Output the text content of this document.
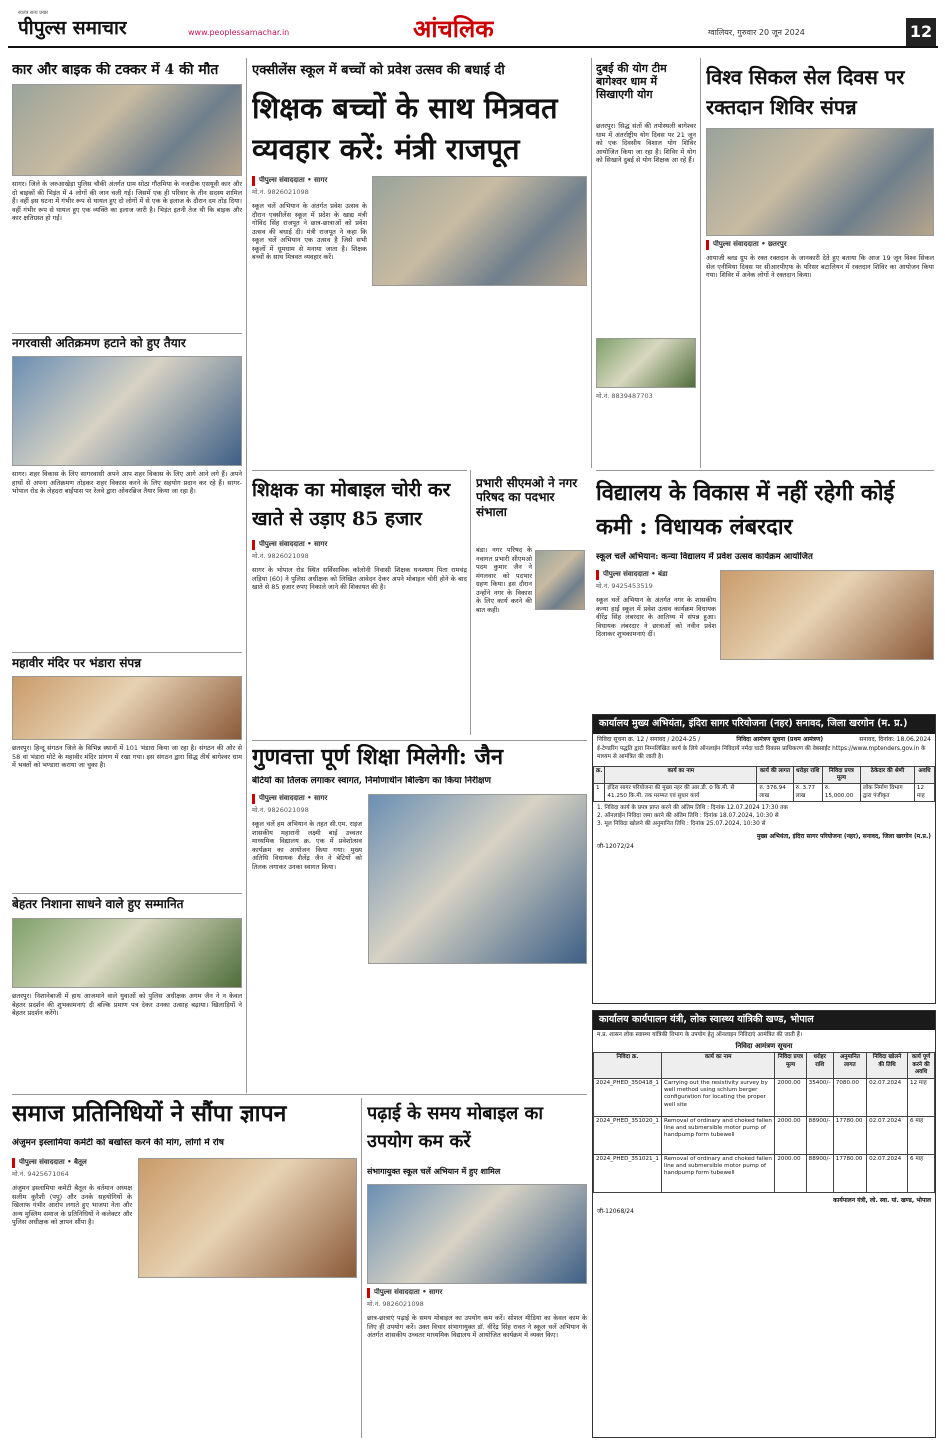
स्वतंत्र सत्य प्रखर
पीपुल्स समाचार	www.peoplessamachar.in	आंचलिक	ग्वालियर, गुरुवार 20 जून 2024	12
कार और बाइक की टक्कर में 4 की मौत
सागर। जिले के जरुआखेड़ा पुलिस चौकी अंतर्गत ग्राम सोठा गौतमिया के नजदीक एसयूवी कार और दो बाइकों की भिड़ंत में 4 लोगों की जान चली गई। जिसमें एक ही परिवार के तीन सदस्य शामिल हैं। वहीं इस घटना में गंभीर रूप से घायल हुए दो लोगों में से एक के इलाज के दौरान दम तोड़ दिया। वहीं गंभीर रूप से घायल हुए एक व्यक्ति का इलाज जारी है। भिड़ंत इतनी तेज थी कि बाइक और कार क्षतिग्रस्त हो गईं।
नगरवासी अतिक्रमण हटाने को हुए तैयार
सागर। शहर विकास के लिए सागरवासी अपने आप शहर विकास के लिए आगे आने लगे हैं। अपने हाथों से अपना अतिक्रमण तोड़कर शहर विकास करने के लिए सहयोग प्रदान कर रहे हैं। सागर-भोपाल रोड के लेहदरा बाईपास पर रेलवे द्वारा ओवरब्रिज तैयार किया जा रहा है।
महावीर मंदिर पर भंडारा संपन्न
छतरपुर। हिन्दू संगठन जिले के विभिन्न स्थानों में 101 भंडारा किया जा रहा है। संगठन की ओर से 58 वां भंडारा मोटे के महावीर मंदिर प्रांगण में रखा गया। इस संगठन द्वारा सिद्ध तीर्थ बागेश्वर धाम में भक्तों को भण्डारा कराया जा चुका है।
बेहतर निशाना साधने वाले हुए सम्मानित
छतरपुर। निशानेबाजी में हाथ आजमाने वाले युवाओं को पुलिस अधीक्षक अगम जैन ने न केवल बेहतर प्रदर्शन की शुभकामनाएं दी बल्कि प्रमाण पत्र देकर उनका उत्साह बढ़ाया। खिलाड़ियों ने बेहतर प्रदर्शन करेंगे।
एक्सीलेंस स्कूल में बच्चों को प्रवेश उत्सव की बधाई दी
शिक्षक बच्चों के साथ मित्रवत व्यवहार करें: मंत्री राजपूत
पीपुल्स संवाददाता • सागर
मो.नं. 9826021098
स्कूल चलें अभियान के अंतर्गत प्रवेश उत्सव के दौरान एक्सीलेंस स्कूल में प्रदेश के खाद्य मंत्री गोविंद सिंह राजपूत ने छात्र-छात्राओं को प्रवेश उत्सव की बधाई दी। मंत्री राजपूत ने कहा कि स्कूल चलें अभियान एक उत्सव है जिसे सभी स्कूलों में धूमधाम से मनाया जाता है। शिक्षक बच्चों के साथ मित्रवत व्यवहार करें।
शिक्षक का मोबाइल चोरी कर खाते से उड़ाए 85 हजार
पीपुल्स संवाददाता • सागर
मो.नं. 9826021098
सागर के भोपाल रोड स्थित सर्विसाविक कॉलोनी निवासी शिक्षक घनश्याम पिता रामचंद्र लड़िया (60) ने पुलिस अधीक्षक को लिखित आवेदन देकर अपने मोबाइल चोरी होने के बाद खाते से 85 हजार रुपए निकाले जाने की शिकायत की है।
प्रभारी सीएमओ ने नगर परिषद का पदभार संभाला
बंडा। नगर परिषद के नवागत प्रभारी सीएमओ पदम कुमार जैन ने मंगलवार को पदभार ग्रहण किया। इस दौरान उन्होंने नगर के विकास के लिए कार्य करने की बात कही।
गुणवत्ता पूर्ण शिक्षा मिलेगी: जैन
बेटियों का तिलक लगाकर स्वागत, निर्माणाधीन बिल्डिंग का किया निरीक्षण
पीपुल्स संवाददाता • सागर
मो.नं. 9826021098
स्कूल चलें हम अभियान के तहत सी.एम. राइज शासकीय महारानी लक्ष्मी बाई उच्चतर माध्यमिक विद्यालय क्र. एक में प्रवेशोत्सव कार्यक्रम का आयोजन किया गया। मुख्य अतिथि विधायक शैलेंद्र जैन ने बेटियों को तिलक लगाकर उनका स्वागत किया।
समाज प्रतिनिधियों ने सौंपा ज्ञापन
अंजुमन इस्लामिया कमेटी को बर्खास्त करने की मांग, लोगों में रोष
पीपुल्स संवाददाता • बैतूल
मो.नं. 9425671064
अंजुमन इस्लामिया कमेटी बैतूल के वर्तमान अध्यक्ष सलीम कुरैशी (पपू) और उनके सहयोगियों के खिलाफ गंभीर आरोप लगाते हुए भाजपा नेता और अन्य मुस्लिम समाज के प्रतिनिधियों ने कलेक्टर और पुलिस अधीक्षक को ज्ञापन सौंपा है।
पढ़ाई के समय मोबाइल का उपयोग कम करें
संभागायुक्त स्कूल चलें अभियान में हुए शामिल
पीपुल्स संवाददाता • सागर
मो.नं. 9826021098
छात्र-छात्राएं पढ़ाई के समय मोबाइल का उपयोग कम करें। सोशल मीडिया का केवल काम के लिए ही उपयोग करें। उक्त विचार संभागायुक्त डॉ. वीरेंद्र सिंह रावत ने स्कूल चलें अभियान के अंतर्गत शासकीय उच्चतर माध्यमिक विद्यालय में आयोजित कार्यक्रम में व्यक्त किए।
दुबई की योग टीम बागेश्वर धाम में सिखाएगी योग
छतरपुर। सिद्ध संतों की तपोस्थली बागेश्वर धाम में अंतर्राष्ट्रीय योग दिवस पर 21 जून को एक दिवसीय विशाल योग शिविर आयोजित किया जा रहा है। शिविर में योग को सिखाने दुबई से योग शिक्षक आ रहे हैं।
मो.नं. 8839487703
विश्व सिकल सेल दिवस पर रक्तदान शिविर संपन्न
पीपुल्स संवाददाता • छतरपुर
आयाजी ब्लड ग्रुप के रक्त रक्तदान के जानकारी देते हुए बताया कि आज 19 जून विश्व सिकल सेल एनीमिया दिवस पर सीआरपीएफ के परिसर बटालियन में रक्तदान शिविर का आयोजन किया गया। शिविर में अनेक लोगों ने रक्तदान किया।
विद्यालय के विकास में नहीं रहेगी कोई कमी : विधायक लंबरदार
स्कूल चलें अभियान: कन्या विद्यालय में प्रवेश उत्सव कार्यक्रम आयोजित
पीपुल्स संवाददाता • बंडा
मो.नं. 9425453519
स्कूल चलें अभियान के अंतर्गत नगर के शासकीय कन्या हाई स्कूल में प्रवेश उत्सव कार्यक्रम विधायक वीरेंद्र सिंह लंबरदार के आतिथ्य में संपन्न हुआ। विधायक लंबरदार ने छात्राओं को नवीन प्रवेश दिलाकर शुभकामनाएं दीं।
कार्यालय मुख्य अभियंता, इंदिरा सागर परियोजना (नहर) सनावद, जिला खरगोन (म. प्र.)
निविदा सूचना क्र. 12 / सनावद / 2024-25 /	निविदा आमंत्रण सूचना (प्रथम आमंत्रण)	सनावद, दिनांक: 18.06.2024
ई-टेण्डरिंग पद्धति द्वारा निम्नलिखित कार्य के लिये ऑनलाईन निविदायें नर्मदा घाटी विकास प्राधिकरण की वेबसाईट https://www.mptenders.gov.in के माध्यम से आमंत्रित की जाती है।
क्र.	कार्य का नाम	कार्य की लागत	धरोहर राशि	निविदा प्रपत्र मूल्य	ठेकेदार की श्रेणी	अवधि
1	इंदिरा सागर परियोजना की मुख्य नहर की आर.डी. 0 कि.मी. से 41.250 कि.मी. तक मरम्मत एवं सुधार कार्य	रु. 376.94 लाख	रु. 3.77 लाख	रु. 15,000.00	लोक निर्माण विभाग द्वारा पंजीकृत	12 माह
1. निविदा कार्य के प्रपत्र प्राप्त करने की अंतिम तिथि : दिनांक 12.07.2024 17:30 तक
2. ऑनलाईन निविदा जमा करने की अंतिम तिथि : दिनांक 18.07.2024, 10:30 से
3. मूल निविदा खोलने की अनुमानित तिथि : दिनांक 25.07.2024, 10:30 से
मुख्य अभियंता, इंदिरा सागर परियोजना (नहर), सनावद, जिला खरगोन (म.प्र.)
जी-12072/24
कार्यालय कार्यपालन यंत्री, लोक स्वास्थ्य यांत्रिकी खण्ड, भोपाल
म.प्र. शासन लोक स्वास्थ्य यांत्रिकी विभाग के उपयोग हेतु ऑनलाइन निविदाएं आमंत्रित की जाती हैं।
निविदा आमंत्रण सूचना
निविदा क्र.	कार्य का नाम	निविदा प्रपत्र मूल्य	धरोहर राशि	अनुमानित लागत	निविदा खोलने की तिथि	कार्य पूर्ण करने की अवधि
2024_PHED_350418_1	Carrying out the resistivity survey by well method using schlum berger configuration for locating the proper well site	2000.00	35400/-	7080.00	02.07.2024	12 माह
2024_PHED_351020_1	Removal of ordinary and choked fallen line and submersible motor pump of handpump form tubewell	2000.00	88900/-	17780.00	02.07.2024	6 माह
2024_PHED_351021_1	Removal of ordinary and choked fallen line and submersible motor pump of handpump form tubewell	2000.00	88900/-	17780.00	02.07.2024	6 माह
कार्यपालन यंत्री, लो. स्वा. यां. खण्ड, भोपाल
जी-12068/24
